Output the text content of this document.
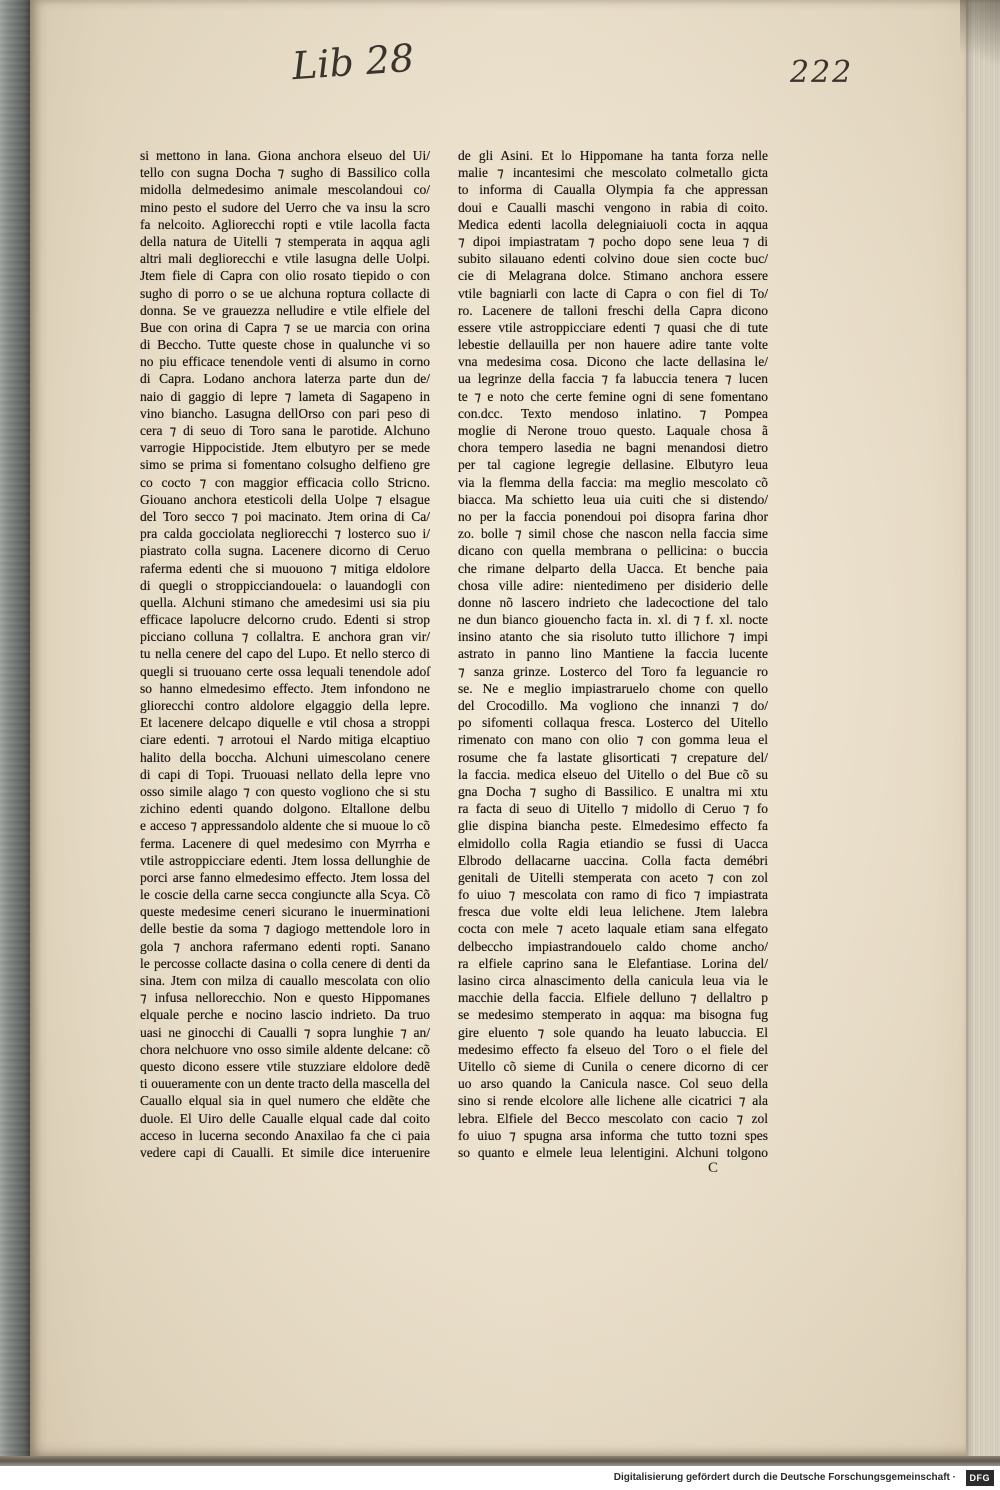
Lib 28	222
si mettono in lana. Giona anchora elseuo del Ui/
tello con sugna Docha ⁊ sugho di Bassilico colla
midolla delmedesimo animale mescolandoui co/
mino pesto el sudore del Uerro che va insu la scro
fa nelcoito. Agliorecchi ropti e vtile lacolla facta
della natura de Uitelli ⁊ stemperata in aqqua agli
altri mali degliorecchi e vtile lasugna delle Uolpi.
Jtem fiele di Capra con olio rosato tiepido o con
sugho di porro o se ue alchuna roptura collacte di
donna. Se ve grauezza nelludire e vtile elfiele del
Bue con orina di Capra ⁊ se ue marcia con orina
di Beccho. Tutte queste chose in qualunche vi so
no piu efficace tenendole venti di alsumo in corno
di Capra. Lodano anchora laterza parte dun de/
naio di gaggio di lepre ⁊ lameta di Sagapeno in
vino biancho. Lasugna dellOrso con pari peso di
cera ⁊ di seuo di Toro sana le parotide. Alchuno
varrogie Hippocistide. Jtem elbutyro per se mede
simo se prima si fomentano colsugho delfieno gre
co cocto ⁊ con maggior efficacia collo Stricno.
Giouano anchora etesticoli della Uolpe ⁊ elsague
del Toro secco ⁊ poi macinato. Jtem orina di Ca/
pra calda gocciolata negliorecchi ⁊ losterco suo i/
piastrato colla sugna. Lacenere dicorno di Ceruo
raferma edenti che si muouono ⁊ mitiga eldolore
di quegli o stroppicciandouela: o lauandogli con
quella. Alchuni stimano che amedesimi usi sia piu
efficace lapolucre delcorno crudo. Edenti si strop
picciano colluna ⁊ collaltra. E anchora gran vir/
tu nella cenere del capo del Lupo. Et nello sterco di
quegli si truouano certe ossa lequali tenendole adoſ
so hanno elmedesimo effecto. Jtem infondono ne
gliorecchi contro aldolore elgaggio della lepre.
Et lacenere delcapo diquelle e vtil chosa a stroppi
ciare edenti. ⁊ arrotoui el Nardo mitiga elcaptiuo
halito della boccha. Alchuni uimescolano cenere
di capi di Topi. Truouasi nellato della lepre vno
osso simile alago ⁊ con questo vogliono che si stu
zichino edenti quando dolgono. Eltallone delbu
e acceso ⁊ appressandolo aldente che si muoue lo cõ
ferma. Lacenere di quel medesimo con Myrrha e
vtile astroppicciare edenti. Jtem lossa dellunghie de
porci arse fanno elmedesimo effecto. Jtem lossa del
le coscie della carne secca congiuncte alla Scya. Cõ
queste medesime ceneri sicurano le inuerminationi
delle bestie da soma ⁊ dagiogo mettendole loro in
gola ⁊ anchora rafermano edenti ropti. Sanano
le percosse collacte dasina o colla cenere di denti da
sina. Jtem con milza di cauallo mescolata con olio
⁊ infusa nellorecchio. Non e questo Hippomanes
elquale perche e nocino lascio indrieto. Da truo
uasi ne ginocchi di Caualli ⁊ sopra lunghie ⁊ an/
chora nelchuore vno osso simile aldente delcane: cõ
questo dicono essere vtile stuzziare eldolore dedẽ
ti ouueramente con un dente tracto della mascella del
Cauallo elqual sia in quel numero che eldẽte che
duole. El Uiro delle Caualle elqual cade dal coito
acceso in lucerna secondo Anaxilao fa che ci paia
vedere capi di Caualli. Et simile dice interuenire
de gli Asini. Et lo Hippomane ha tanta forza nelle
malie ⁊ incantesimi che mescolato colmetallo gicta
to informa di Caualla Olympia fa che appressan
doui e Caualli maschi vengono in rabia di coito.
Medica edenti lacolla delegniaiuoli cocta in aqqua
⁊ dipoi impiastratam ⁊ pocho dopo sene leua ⁊ di
subito silauano edenti colvino doue sien cocte buc/
cie di Melagrana dolce. Stimano anchora essere
vtile bagniarli con lacte di Capra o con fiel di To/
ro. Lacenere de talloni freschi della Capra dicono
essere vtile astroppicciare edenti ⁊ quasi che di tute
lebestie dellauilla per non hauere adire tante volte
vna medesima cosa. Dicono che lacte dellasina le/
ua legrinze della faccia ⁊ fa labuccia tenera ⁊ lucen
te ⁊ e noto che certe femine ogni di sene fomentano
con.dcc. Texto mendoso inlatino. ⁊ Pompea
moglie di Nerone trouo questo. Laquale chosa ã
chora tempero lasedia ne bagni menandosi dietro
per tal cagione legregie dellasine. Elbutyro leua
via la flemma della faccia: ma meglio mescolato cõ
biacca. Ma schietto leua uia cuiti che si distendo/
no per la faccia ponendoui poi disopra farina dhor
zo. bolle ⁊ simil chose che nascon nella faccia sime
dicano con quella membrana o pellicina: o buccia
che rimane delparto della Uacca. Et benche paia
chosa ville adire: nientedimeno per disiderio delle
donne nõ lascero indrieto che ladecoctione del talo
ne dun bianco giouencho facta in. xl. di ⁊ f. xl. nocte
insino atanto che sia risoluto tutto illichore ⁊ impi
astrato in panno lino Mantiene la faccia lucente
⁊ sanza grinze. Losterco del Toro fa leguancie ro
se. Ne e meglio impiastraruelo chome con quello
del Crocodillo. Ma vogliono che innanzi ⁊ do/
po sifomenti collaqua fresca. Losterco del Uitello
rimenato con mano con olio ⁊ con gomma leua el
rosume che fa lastate glisorticati ⁊ crepature del/
la faccia. medica elseuo del Uitello o del Bue cõ su
gna Docha ⁊ sugho di Bassilico. E unaltra mi xtu
ra facta di seuo di Uitello ⁊ midollo di Ceruo ⁊ fo
glie dispina biancha peste. Elmedesimo effecto fa
elmidollo colla Ragia etiandio se fussi di Uacca
Elbrodo dellacarne uaccina. Colla facta demébri
genitali de Uitelli stemperata con aceto ⁊ con zol
fo uiuo ⁊ mescolata con ramo di fico ⁊ impiastrata
fresca due volte eldi leua lelichene. Jtem lalebra
cocta con mele ⁊ aceto laquale etiam sana elfegato
delbeccho impiastrandouelo caldo chome ancho/
ra elfiele caprino sana le Elefantiase. Lorina del/
lasino circa alnascimento della canicula leua via le
macchie della faccia. Elfiele delluno ⁊ dellaltro p
se medesimo stemperato in aqqua: ma bisogna fug
gire eluento ⁊ sole quando ha leuato labuccia. El
medesimo effecto fa elseuo del Toro o el fiele del
Uitello cõ sieme di Cunila o cenere dicorno di cer
uo arso quando la Canicula nasce. Col seuo della
sino si rende elcolore alle lichene alle cicatrici ⁊ ala
lebra. Elfiele del Becco mescolato con cacio ⁊ zol
fo uiuo ⁊ spugna arsa informa che tutto tozni spes
so quanto e elmele leua lelentigini. Alchuni tolgono
C
Digitalisierung gefördert durch die Deutsche Forschungsgemeinschaft ·	DFG
